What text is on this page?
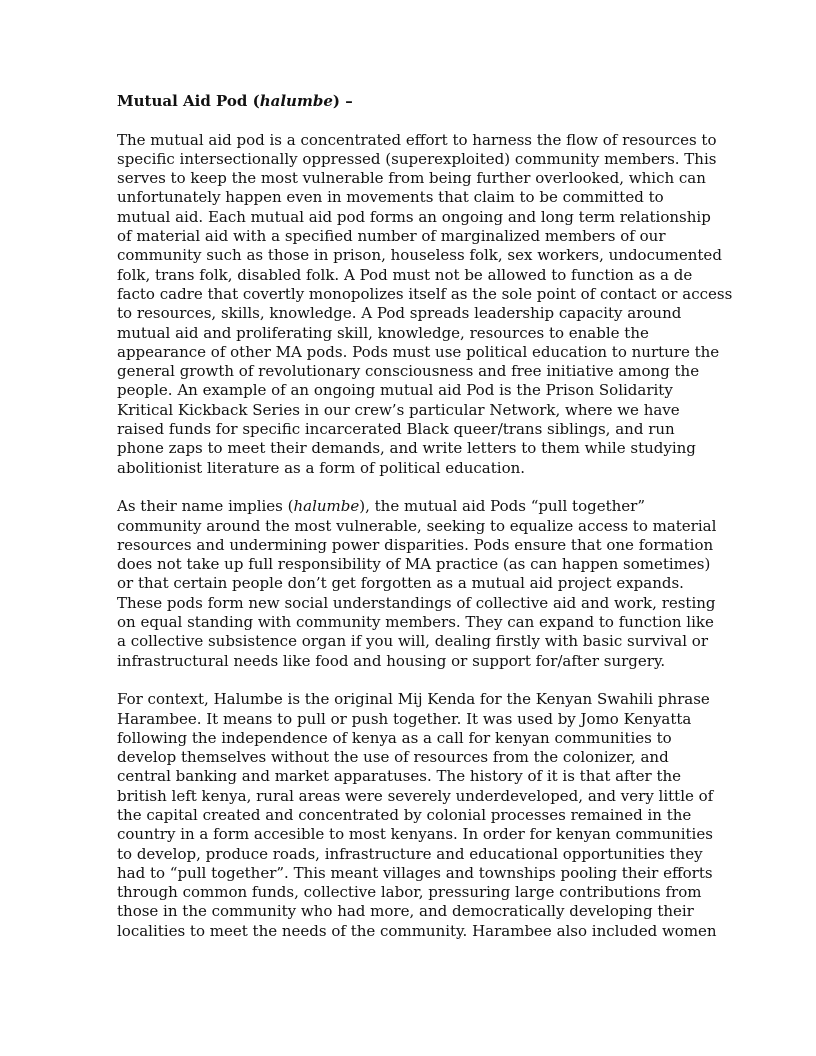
Mutual Aid Pod (halumbe) –
The mutual aid pod is a concentrated effort to harness the flow of resources to
specific intersectionally oppressed (superexploited) community members. This
serves to keep the most vulnerable from being further overlooked, which can
unfortunately happen even in movements that claim to be committed to
mutual aid. Each mutual aid pod forms an ongoing and long term relationship
of material aid with a specified number of marginalized members of our
community such as those in prison, houseless folk, sex workers, undocumented
folk, trans folk, disabled folk. A Pod must not be allowed to function as a de
facto cadre that covertly monopolizes itself as the sole point of contact or access
to resources, skills, knowledge. A Pod spreads leadership capacity around
mutual aid and proliferating skill, knowledge, resources to enable the
appearance of other MA pods. Pods must use political education to nurture the
general growth of revolutionary consciousness and free initiative among the
people. An example of an ongoing mutual aid Pod is the Prison Solidarity
Kritical Kickback Series in our crew’s particular Network, where we have
raised funds for specific incarcerated Black queer/trans siblings, and run
phone zaps to meet their demands, and write letters to them while studying
abolitionist literature as a form of political education.
As their name implies (halumbe), the mutual aid Pods “pull together”
community around the most vulnerable, seeking to equalize access to material
resources and undermining power disparities. Pods ensure that one formation
does not take up full responsibility of MA practice (as can happen sometimes)
or that certain people don’t get forgotten as a mutual aid project expands.
These pods form new social understandings of collective aid and work, resting
on equal standing with community members. They can expand to function like
a collective subsistence organ if you will, dealing firstly with basic survival or
infrastructural needs like food and housing or support for/after surgery.
For context, Halumbe is the original Mij Kenda for the Kenyan Swahili phrase
Harambee. It means to pull or push together. It was used by Jomo Kenyatta
following the independence of kenya as a call for kenyan communities to
develop themselves without the use of resources from the colonizer, and
central banking and market apparatuses. The history of it is that after the
british left kenya, rural areas were severely underdeveloped, and very little of
the capital created and concentrated by colonial processes remained in the
country in a form accesible to most kenyans. In order for kenyan communities
to develop, produce roads, infrastructure and educational opportunities they
had to “pull together”. This meant villages and townships pooling their efforts
through common funds, collective labor, pressuring large contributions from
those in the community who had more, and democratically developing their
localities to meet the needs of the community. Harambee also included women
